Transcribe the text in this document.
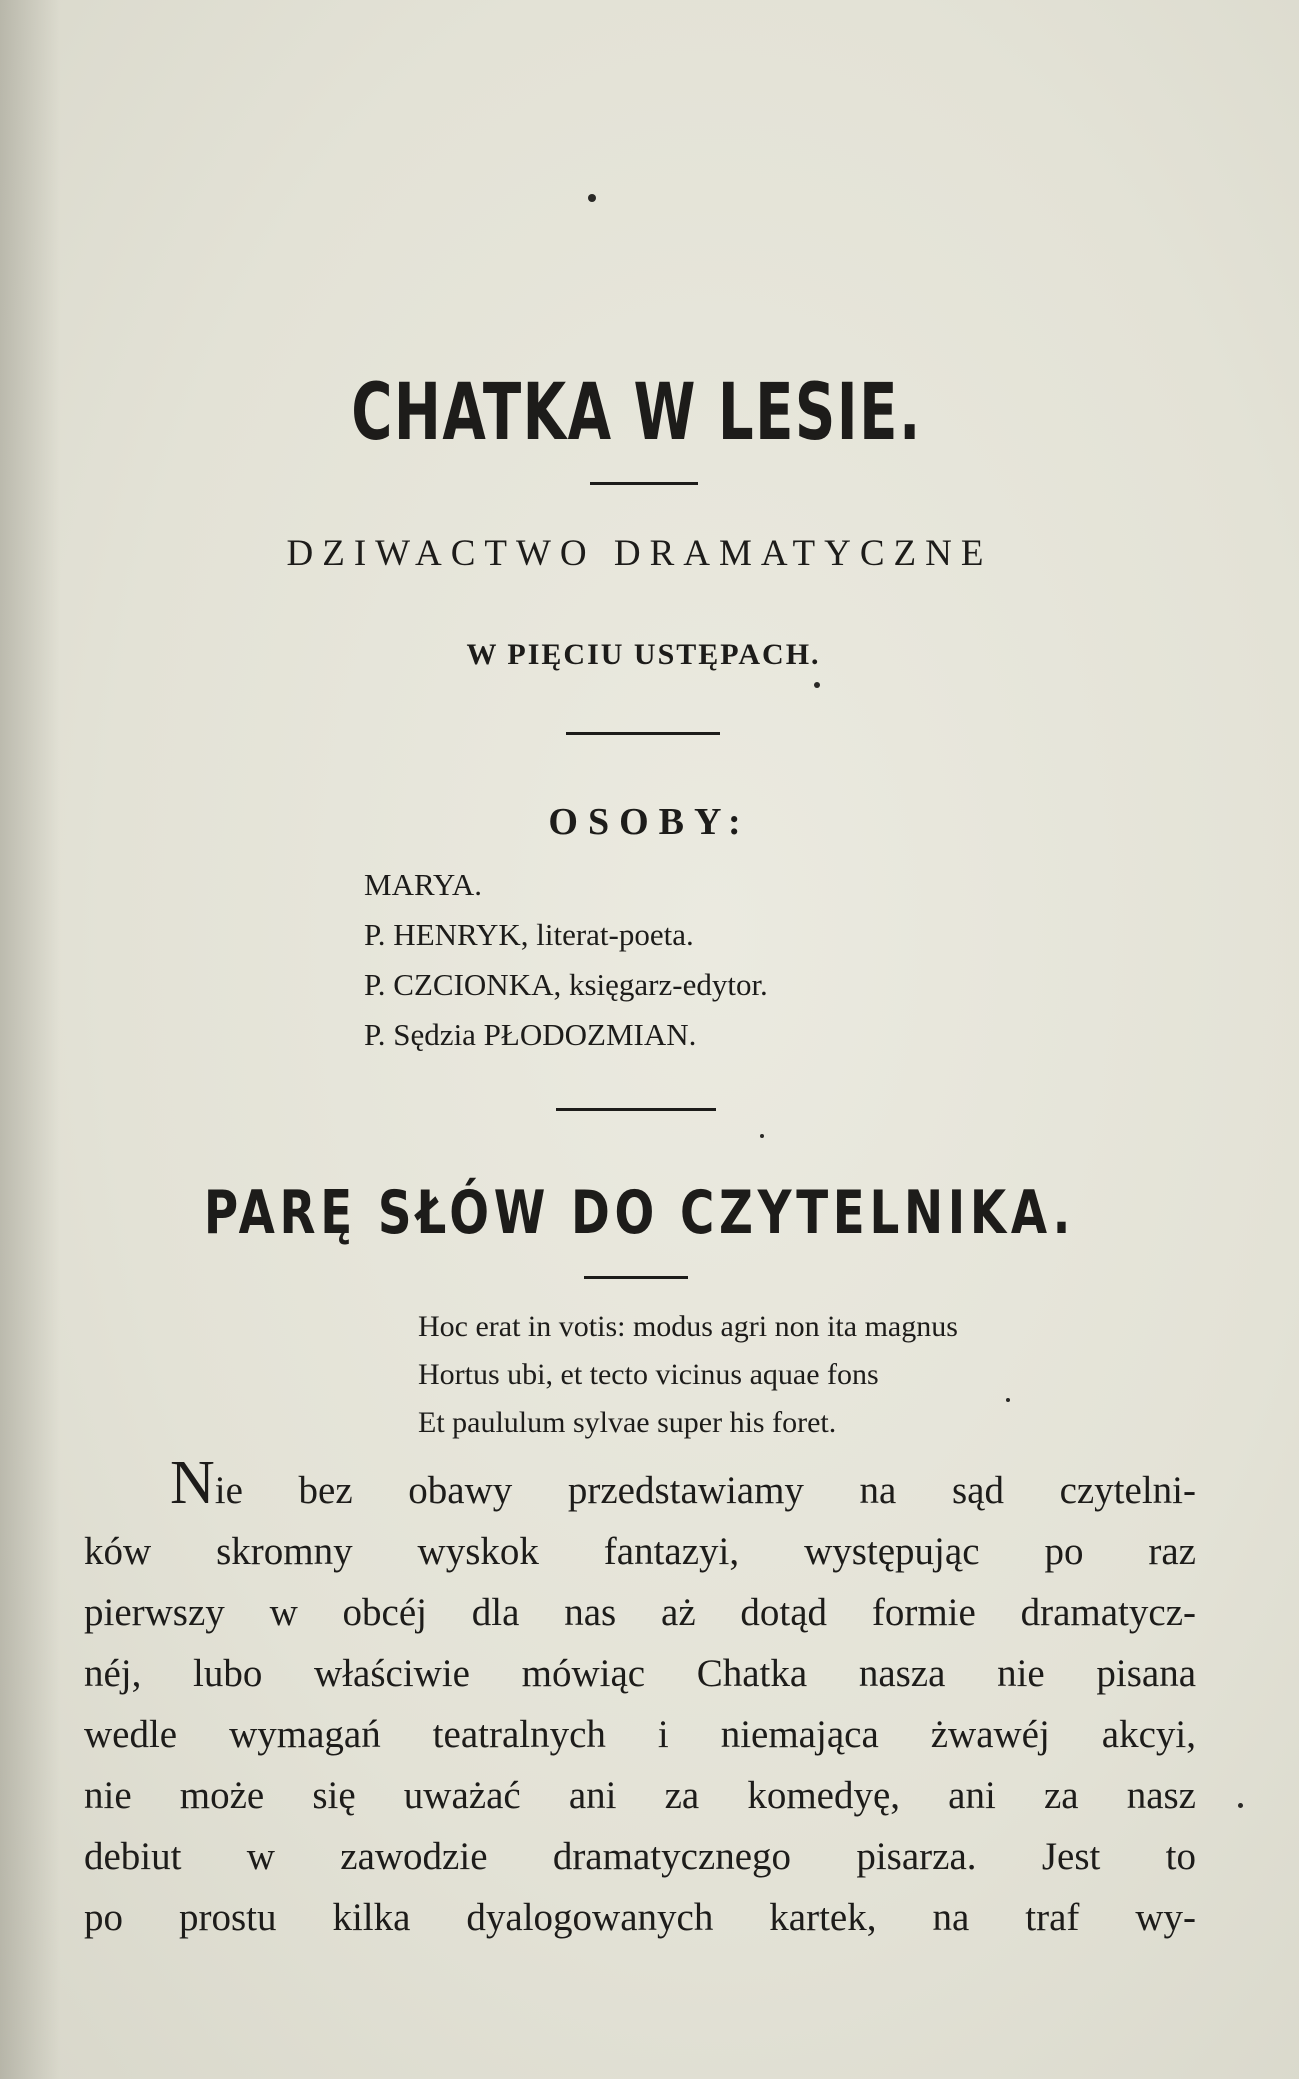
CHATKA W LESIE.
DZIWACTWO DRAMATYCZNE
W PIĘCIU USTĘPACH.
OSOBY:
MARYA.
P. HENRYK, literat-poeta.
P. CZCIONKA, księgarz-edytor.
P. Sędzia PŁODOZMIAN.
PARĘ SŁÓW DO CZYTELNIKA.
Hoc erat in votis: modus agri non ita magnus
Hortus ubi, et tecto vicinus aquae fons
Et paululum sylvae super his foret.
Nie bez obawy przedstawiamy na sąd czytelni-
ków skromny wyskok fantazyi, występując po raz
pierwszy w obcéj dla nas aż dotąd formie dramatycz-
néj, lubo właściwie mówiąc Chatka nasza nie pisana
wedle wymagań teatralnych i niemająca żwawéj akcyi,
nie może się uważać ani za komedyę, ani za nasz
debiut w zawodzie dramatycznego pisarza. Jest to
po prostu kilka dyalogowanych kartek, na traf wy-
